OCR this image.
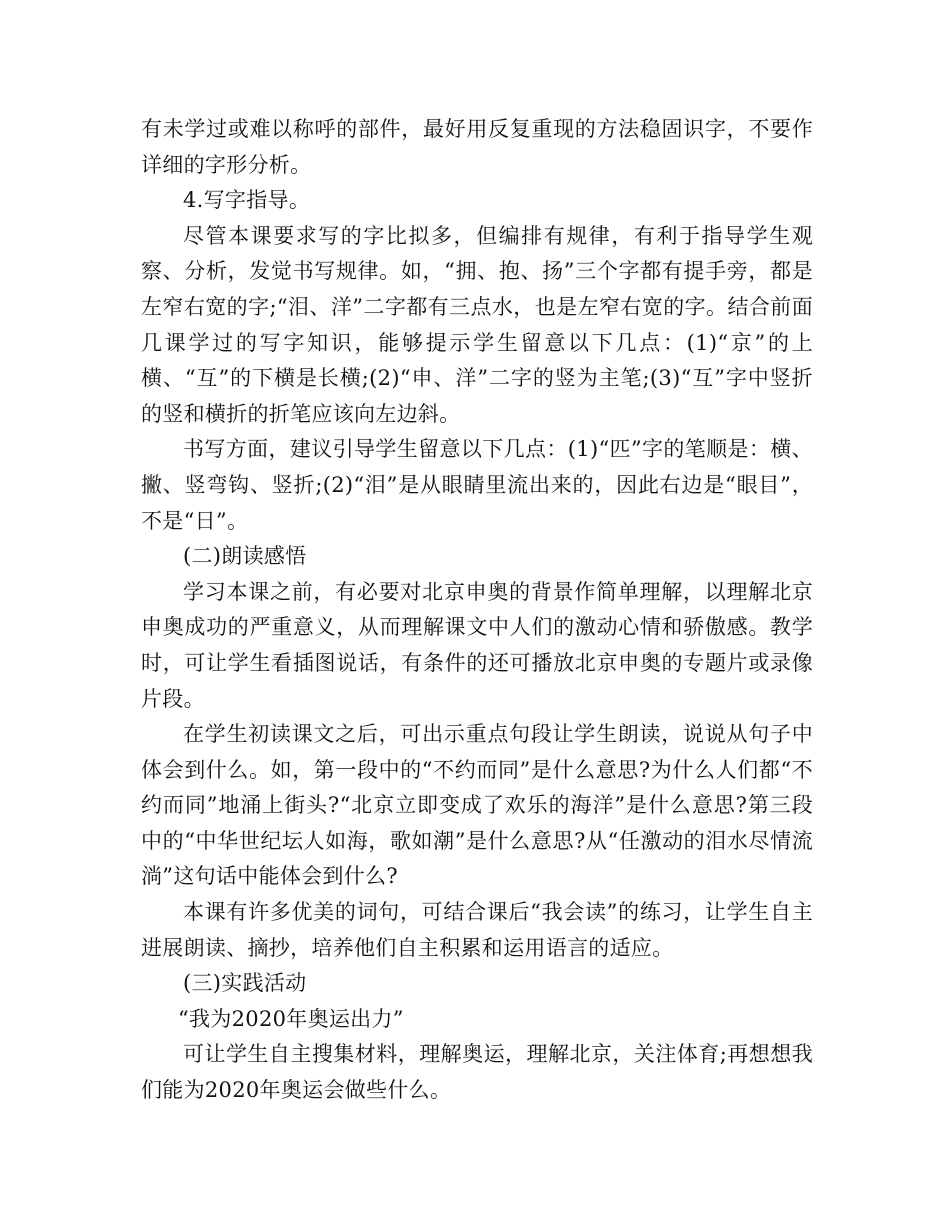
有未学过或难以称呼的部件，最好用反复重现的方法稳固识字，不要作详细的字形分析。

4.写字指导。

尽管本课要求写的字比拟多，但编排有规律，有利于指导学生观察、分析，发觉书写规律。如，“拥、抱、扬”三个字都有提手旁，都是左窄右宽的字;“泪、洋”二字都有三点水，也是左窄右宽的字。结合前面几课学过的写字知识，能够提示学生留意以下几点：(1)“京”的上横、“互”的下横是长横;(2)“申、洋”二字的竖为主笔;(3)“互”字中竖折的竖和横折的折笔应该向左边斜。

书写方面，建议引导学生留意以下几点：(1)“匹”字的笔顺是：横、撇、竖弯钩、竖折;(2)“泪”是从眼睛里流出来的，因此右边是“眼目”，不是“日”。

(二)朗读感悟

学习本课之前，有必要对北京申奥的背景作简单理解，以理解北京申奥成功的严重意义，从而理解课文中人们的激动心情和骄傲感。教学时，可让学生看插图说话，有条件的还可播放北京申奥的专题片或录像片段。

在学生初读课文之后，可出示重点句段让学生朗读，说说从句子中体会到什么。如，第一段中的“不约而同”是什么意思?为什么人们都“不约而同”地涌上街头?“北京立即变成了欢乐的海洋”是什么意思?第三段中的“中华世纪坛人如海，歌如潮”是什么意思?从“任激动的泪水尽情流淌”这句话中能体会到什么?

本课有许多优美的词句，可结合课后“我会读”的练习，让学生自主进展朗读、摘抄，培养他们自主积累和运用语言的适应。

(三)实践活动

“我为2020年奥运出力”

可让学生自主搜集材料，理解奥运，理解北京，关注体育;再想想我们能为2020年奥运会做些什么。
